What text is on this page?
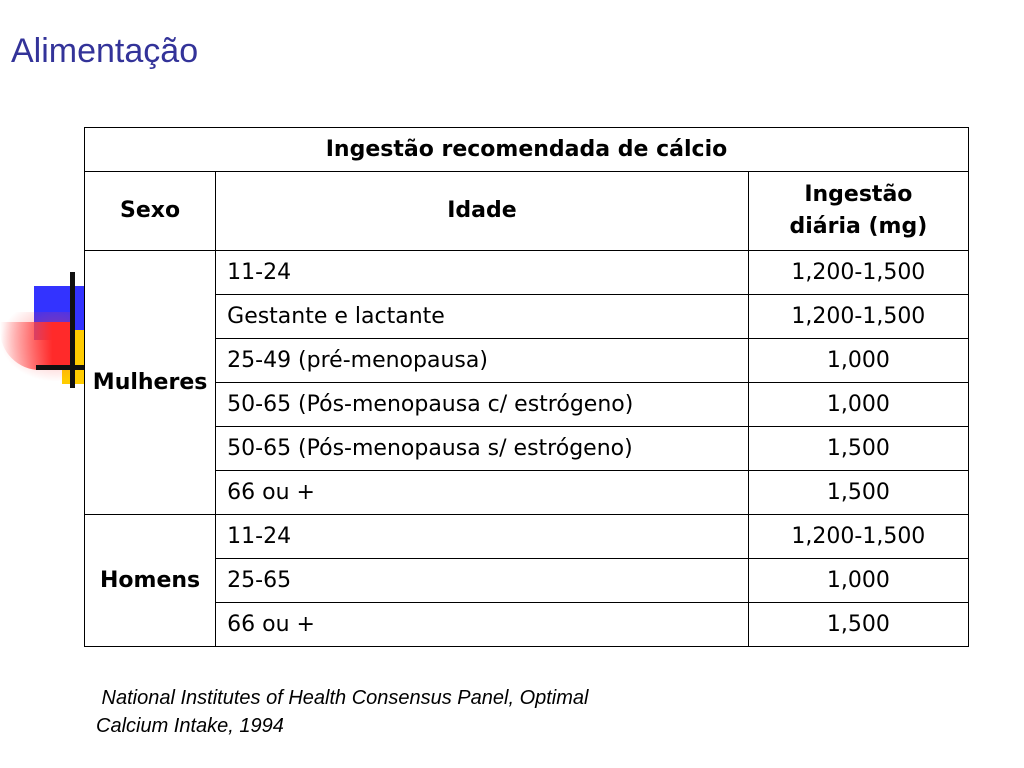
Alimentação
Ingestão recomendada de cálcio		
Sexo	Idade	Ingestão
diária (mg)
Mulheres	11-24	1,200-1,500
	Gestante e lactante	1,200-1,500
	25-49 (pré-menopausa)	1,000
	50-65 (Pós-menopausa c/ estrógeno)	1,000
	50-65 (Pós-menopausa s/ estrógeno)	1,500
	66 ou +	1,500
Homens	11-24	1,200-1,500
	25-65	1,000
	66 ou +	1,500
National Institutes of Health Consensus Panel, Optimal
Calcium Intake, 1994
